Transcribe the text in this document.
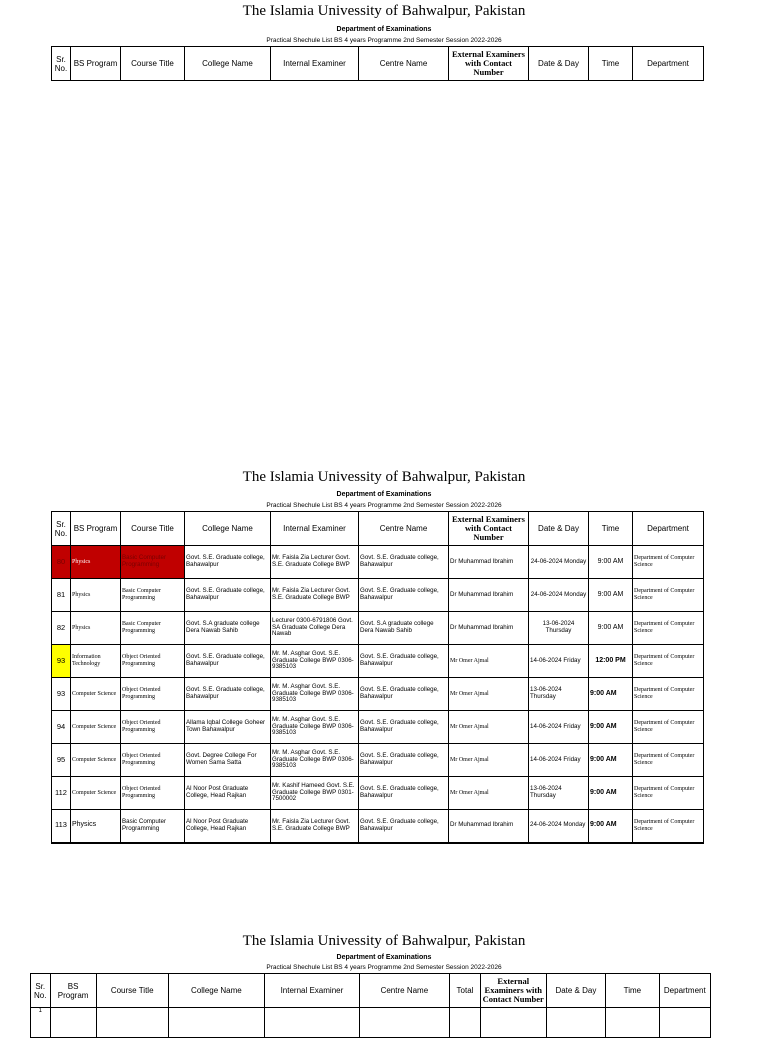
The Islamia Univessity of Bahwalpur, Pakistan
Department of Examinations
Practical Shechule List BS 4 years Programme 2nd Semester Session 2022-2026
Sr. No.	BS Program	Course Title	College Name	Internal Examiner	Centre Name	External Examiners with Contact Number	Date & Day	Time	Department
The Islamia Univessity of Bahwalpur, Pakistan
Department of Examinations
Practical Shechule List BS 4 years Programme 2nd Semester Session 2022-2026
Sr. No.	BS Program	Course Title	College Name	Internal Examiner	Centre Name	External Examiners with Contact Number	Date & Day	Time	Department
80	Physics	Basic Computer Programming	Govt. S.E. Graduate college, Bahawalpur	Mr. Faisla Zia Lecturer Govt. S.E. Graduate College BWP	Govt. S.E. Graduate college, Bahawalpur	Dr Muhammad Ibrahim	24-06-2024 Monday	9:00 AM	Department of Computer Science
81	Physics	Basic Computer Programming	Govt. S.E. Graduate college, Bahawalpur	Mr. Faisla Zia Lecturer Govt. S.E. Graduate College BWP	Govt. S.E. Graduate college, Bahawalpur	Dr Muhammad Ibrahim	24-06-2024 Monday	9:00 AM	Department of Computer Science
82	Physics	Basic Computer Programming	Govt. S.A graduate college Dera Nawab Sahib	Lecturer 0300-6791806 Govt. SA Graduate College Dera Nawab	Govt. S.A graduate college Dera Nawab Sahib	Dr Muhammad Ibrahim	13-06-2024 Thursday	9:00 AM	Department of Computer Science
93	Information Technology	Object Oriented Programming	Govt. S.E. Graduate college, Bahawalpur	Mr. M. Asghar Govt. S.E. Graduate College BWP 0306-9385103	Govt. S.E. Graduate college, Bahawalpur	Mr Omer Ajmal	14-06-2024 Friday	12:00 PM	Department of Computer Science
93	Computer Science	Object Oriented Programming	Govt. S.E. Graduate college, Bahawalpur	Mr. M. Asghar Govt. S.E. Graduate College BWP 0306-9385103	Govt. S.E. Graduate college, Bahawalpur	Mr Omer Ajmal	13-06-2024 Thursday	9:00 AM	Department of Computer Science
94	Computer Science	Object Oriented Programming	Allama Iqbal College Goheer Town Bahawalpur	Mr. M. Asghar Govt. S.E. Graduate College BWP 0306-9385103	Govt. S.E. Graduate college, Bahawalpur	Mr Omer Ajmal	14-06-2024 Friday	9:00 AM	Department of Computer Science
95	Computer Science	Object Oriented Programming	Govt. Degree College For Women Sama Satta	Mr. M. Asghar Govt. S.E. Graduate College BWP 0306-9385103	Govt. S.E. Graduate college, Bahawalpur	Mr Omer Ajmal	14-06-2024 Friday	9:00 AM	Department of Computer Science
112	Computer Science	Object Oriented Programming	Al Noor Post Graduate College, Head Rajkan	Mr. Kashif Hameed Govt. S.E. Graduate College BWP 0301-7500002	Govt. S.E. Graduate college, Bahawalpur	Mr Omer Ajmal	13-06-2024 Thursday	9:00 AM	Department of Computer Science
113	Physics	Basic Computer Programming	Al Noor Post Graduate College, Head Rajkan	Mr. Faisla Zia Lecturer Govt. S.E. Graduate College BWP	Govt. S.E. Graduate college, Bahawalpur	Dr Muhammad Ibrahim	24-06-2024 Monday	9:00 AM	Department of Computer Science
The Islamia Univessity of Bahwalpur, Pakistan
Department of Examinations
Practical Shechule List BS 4 years Programme 2nd Semester Session 2022-2026
Sr. No.	BS Program	Course Title	College Name	Internal Examiner	Centre Name	Total	External Examiners with Contact Number	Date & Day	Time	Department
1										
